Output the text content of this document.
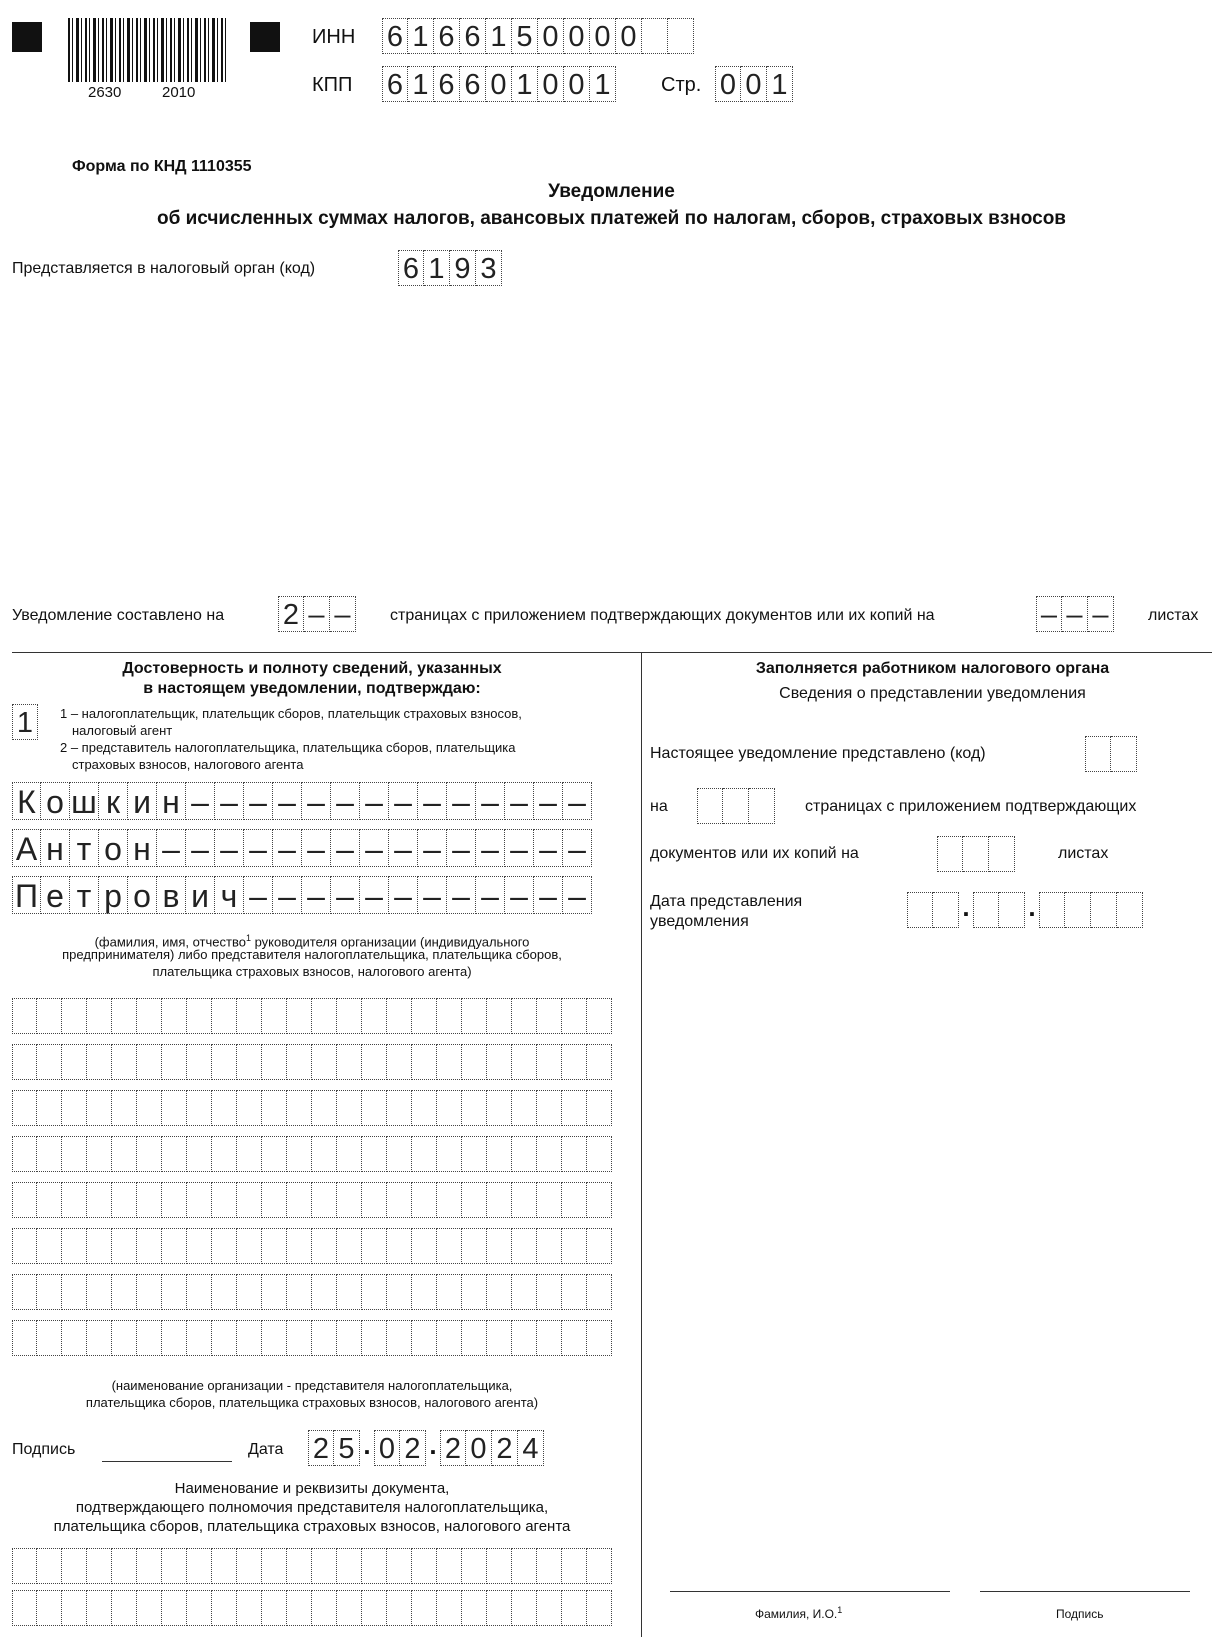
2630	2010
ИНН 6 1 6 6 1 5 0 0 0 0
КПП 6 1 6 6 0 1 0 0 1	Стр. 0 0 1
Форма по КНД 1110355
Уведомление
об исчисленных суммах налогов, авансовых платежей по налогам, сборов, страховых взносов
Представляется в налоговый орган (код)	6 1 9 3
Уведомление составлено на 2 – –	страницах с приложением подтверждающих документов или их копий на	– – –	листах
Достоверность и полноту сведений, указанных
в настоящем уведомлении, подтверждаю:
1	1 – налогоплательщик, плательщик сборов, плательщик страховых взносов,
налоговый агент
2 – представитель налогоплательщика, плательщика сборов, плательщика
страховых взносов, налогового агента
К о ш к и н – – – – – – – – – – – – – –
А н т о н – – – – – – – – – – – – – – –
П е т р о в и ч – – – – – – – – – – – –
(фамилия, имя, отчество$^1$ руководителя организации (индивидуального
предпринимателя) либо представителя налогоплательщика, плательщика сборов,
плательщика страховых взносов, налогового агента)
(наименование организации - представителя налогоплательщика,
плательщика сборов, плательщика страховых взносов, налогового агента)
Подпись	Дата 2 5 . 0 2 . 2 0 2 4
Наименование и реквизиты документа,
подтверждающего полномочия представителя налогоплательщика,
плательщика сборов, плательщика страховых взносов, налогового агента
Заполняется работником налогового органа
Сведения о представлении уведомления
Настоящее уведомление представлено (код)
на	страницах с приложением подтверждающих
документов или их копий на	листах
Дата представления
уведомления	. .
Фамилия, И.О.$^1$	Подпись
